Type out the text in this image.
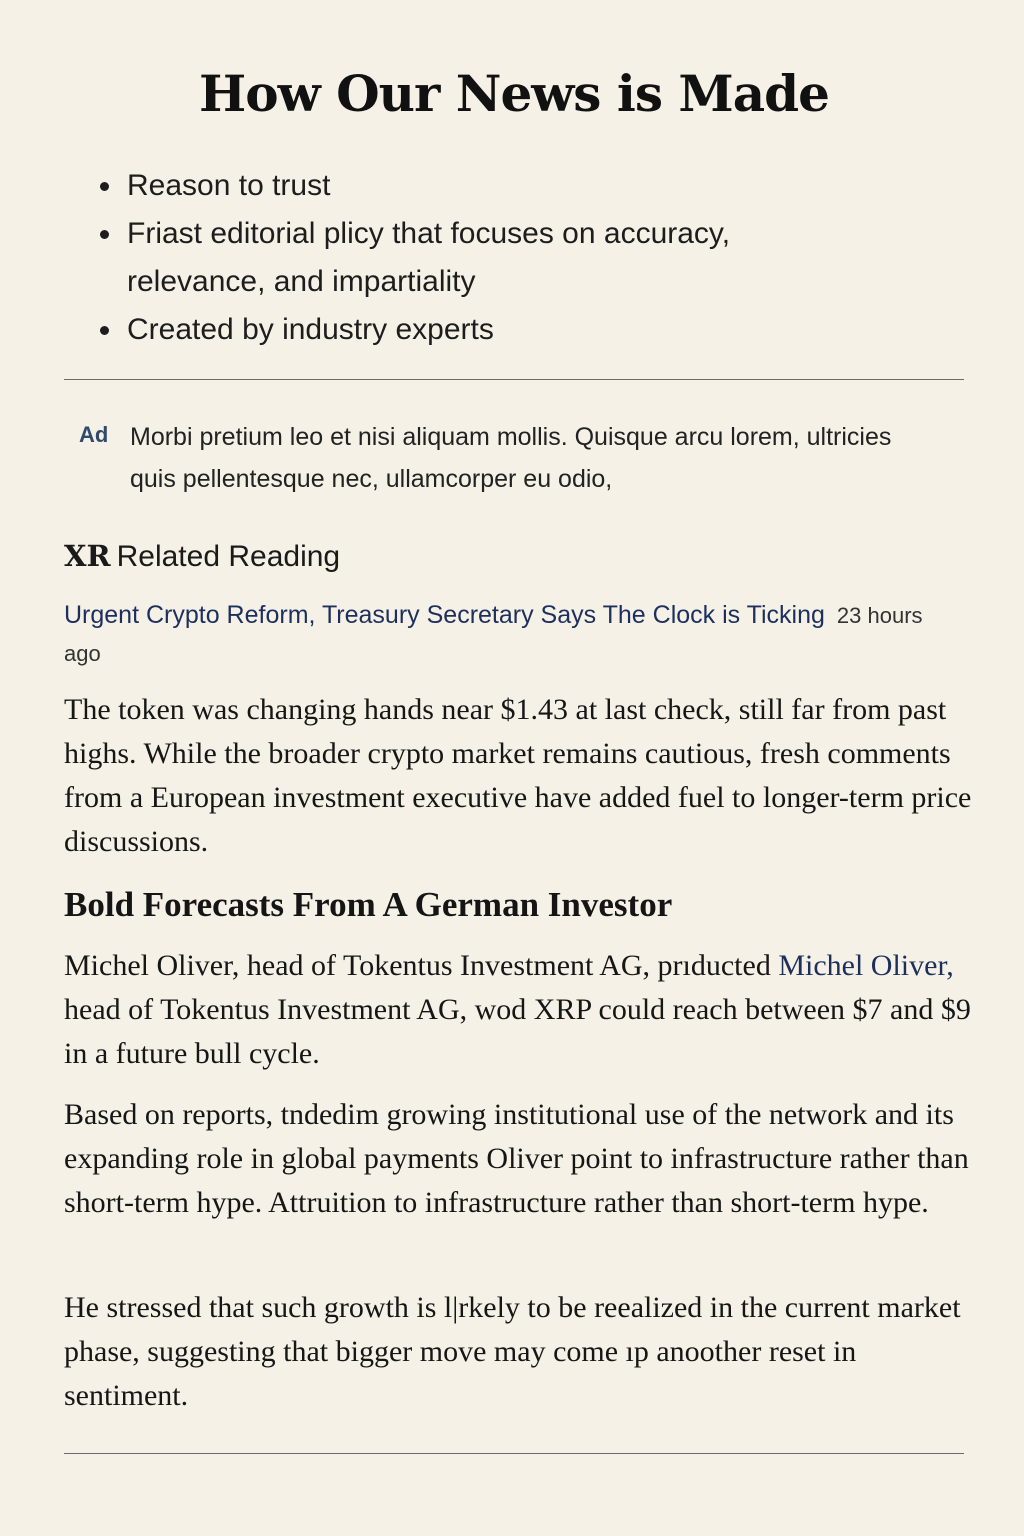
How Our News is Made
Reason to trust
Friast editorial plicy that focuses on accuracy, relevance, and impartiality
Created by industry experts
Ad Morbi pretium leo et nisi aliquam mollis. Quisque arcu lorem, ultricies quis pellentesque nec, ullamcorper eu odio,
XR Related Reading
Urgent Crypto Reform, Treasury Secretary Says The Clock is Ticking 23 hours ago

The token was changing hands near $1.43 at last check, still far from past highs. While the broader crypto market remains cautious, fresh comments from a European investment executive have added fuel to longer-term price discussions.

Bold Forecasts From A German Investor

Michel Oliver, head of Tokentus Investment AG, prıducted Michel Oliver, head of Tokentus Investment AG, wod XRP could reach between $7 and $9 in a future bull cycle.

Based on reports, tndedim growing institutional use of the network and its expanding role in global payments Oliver point to infrastructure rather than short-term hype. Attruition to infrastructure rather than short-term hype.

He stressed that such growth is l|rkely to be reealized in the current market phase, suggesting that bigger move may come ıp anoother reset in sentiment.
